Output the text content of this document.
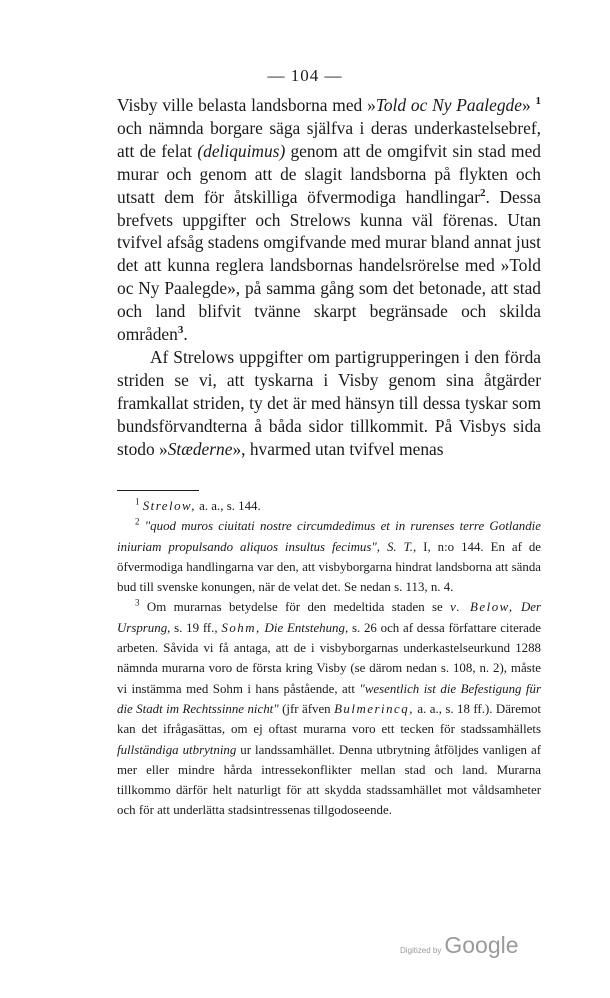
— 104 —

Visby ville belasta landsborna med »Told oc Ny Paalegde» $^1$ och nämnda borgare säga själfva i deras underkastelsebref, att de felat (deliquimus) genom att de omgifvit sin stad med murar och genom att de slagit landsborna på flykten och utsatt dem för åtskilliga öfvermodiga handlingar$^2$. Dessa brefvets uppgifter och Strelows kunna väl förenas. Utan tvifvel afsåg stadens omgifvande med murar bland annat just det att kunna reglera landsbornas handelsrörelse med »Told oc Ny Paalegde», på samma gång som det betonade, att stad och land blifvit tvänne skarpt begränsade och skilda områden$^3$.

Af Strelows uppgifter om partigrupperingen i den förda striden se vi, att tyskarna i Visby genom sina åtgärder framkallat striden, ty det är med hänsyn till dessa tyskar som bundsförvandterna å båda sidor tillkommit. På Visbys sida stodo »Stæderne», hvarmed utan tvifvel menas

$^1$ Strelow, a. a., s. 144.

$^2$ "quod muros ciuitati nostre circumdedimus et in rurenses terre Gotlandie iniuriam propulsando aliquos insultus fecimus", S. T., I, n:o 144. En af de öfvermodiga handlingarna var den, att visbyborgarna hindrat landsborna att sända bud till svenske konungen, när de velat det. Se nedan s. 113, n. 4.

$^3$ Om murarnas betydelse för den medeltida staden se v. Below, Der Ursprung, s. 19 ff., Sohm, Die Entstehung, s. 26 och af dessa författare citerade arbeten. Såvida vi få antaga, att de i visbyborgarnas underkastelseurkund 1288 nämnda murarna voro de första kring Visby (se därom nedan s. 108, n. 2), måste vi instämma med Sohm i hans påstående, att "wesentlich ist die Befestigung für die Stadt im Rechtssinne nicht" (jfr äfven Bulmerincq, a. a., s. 18 ff.). Däremot kan det ifrågasättas, om ej oftast murarna voro ett tecken för stadssamhällets fullständiga utbrytning ur landssamhället. Denna utbrytning åtföljdes vanligen af mer eller mindre hårda intressekonflikter mellan stad och land. Murarna tillkommo därför helt naturligt för att skydda stadssamhället mot våldsamheter och för att underlätta stadsintressenas tillgodoseende.

Digitized by Google
